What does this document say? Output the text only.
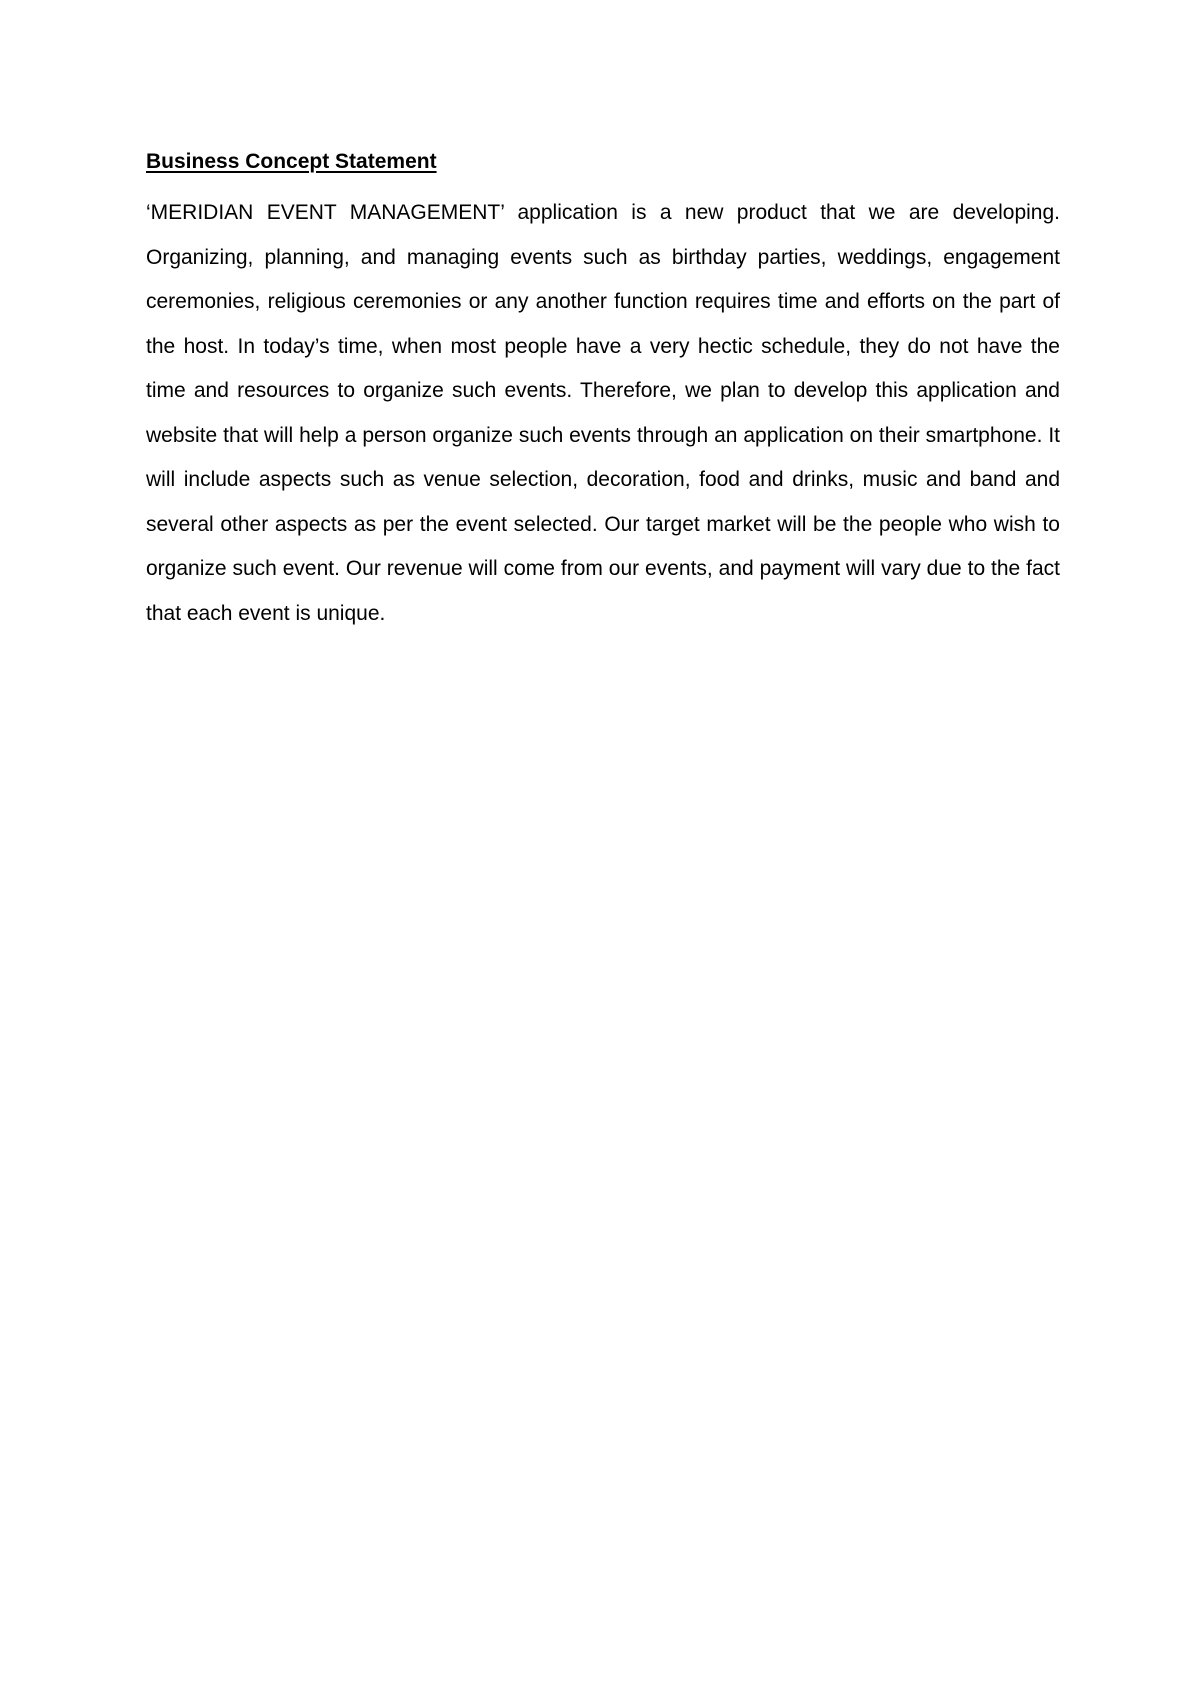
Business Concept Statement

‘MERIDIAN EVENT MANAGEMENT’ application is a new product that we are developing. Organizing, planning, and managing events such as birthday parties, weddings, engagement ceremonies, religious ceremonies or any another function requires time and efforts on the part of the host. In today’s time, when most people have a very hectic schedule, they do not have the time and resources to organize such events. Therefore, we plan to develop this application and website that will help a person organize such events through an application on their smartphone. It will include aspects such as venue selection, decoration, food and drinks, music and band and several other aspects as per the event selected. Our target market will be the people who wish to organize such event. Our revenue will come from our events, and payment will vary due to the fact that each event is unique.
